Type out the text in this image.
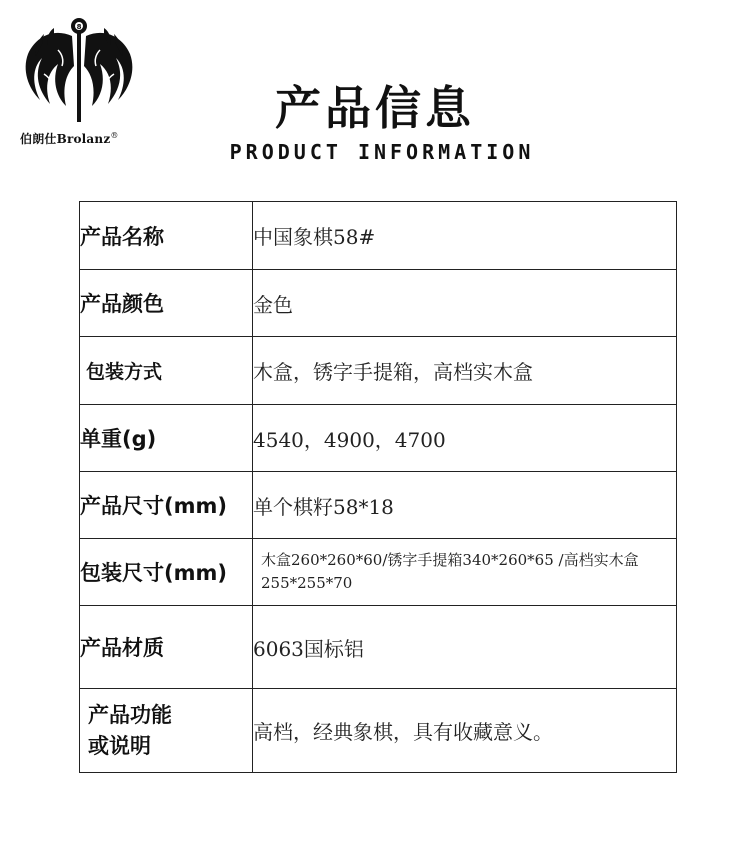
8
伯朗仕Brolanz®
产品信息
PRODUCT INFORMATION
产品名称	中国象棋58#
产品颜色	金色
包装方式	木盒，锈字手提箱，高档实木盒
单重(g)	4540，4900，4700
产品尺寸(mm)	单个棋籽58*18
包装尺寸(mm)	木盒260*260*60/锈字手提箱340*260*65 /高档实木盒255*255*70
产品材质	6063国标铝

产品功能
或说明	高档，经典象棋，具有收藏意义。
